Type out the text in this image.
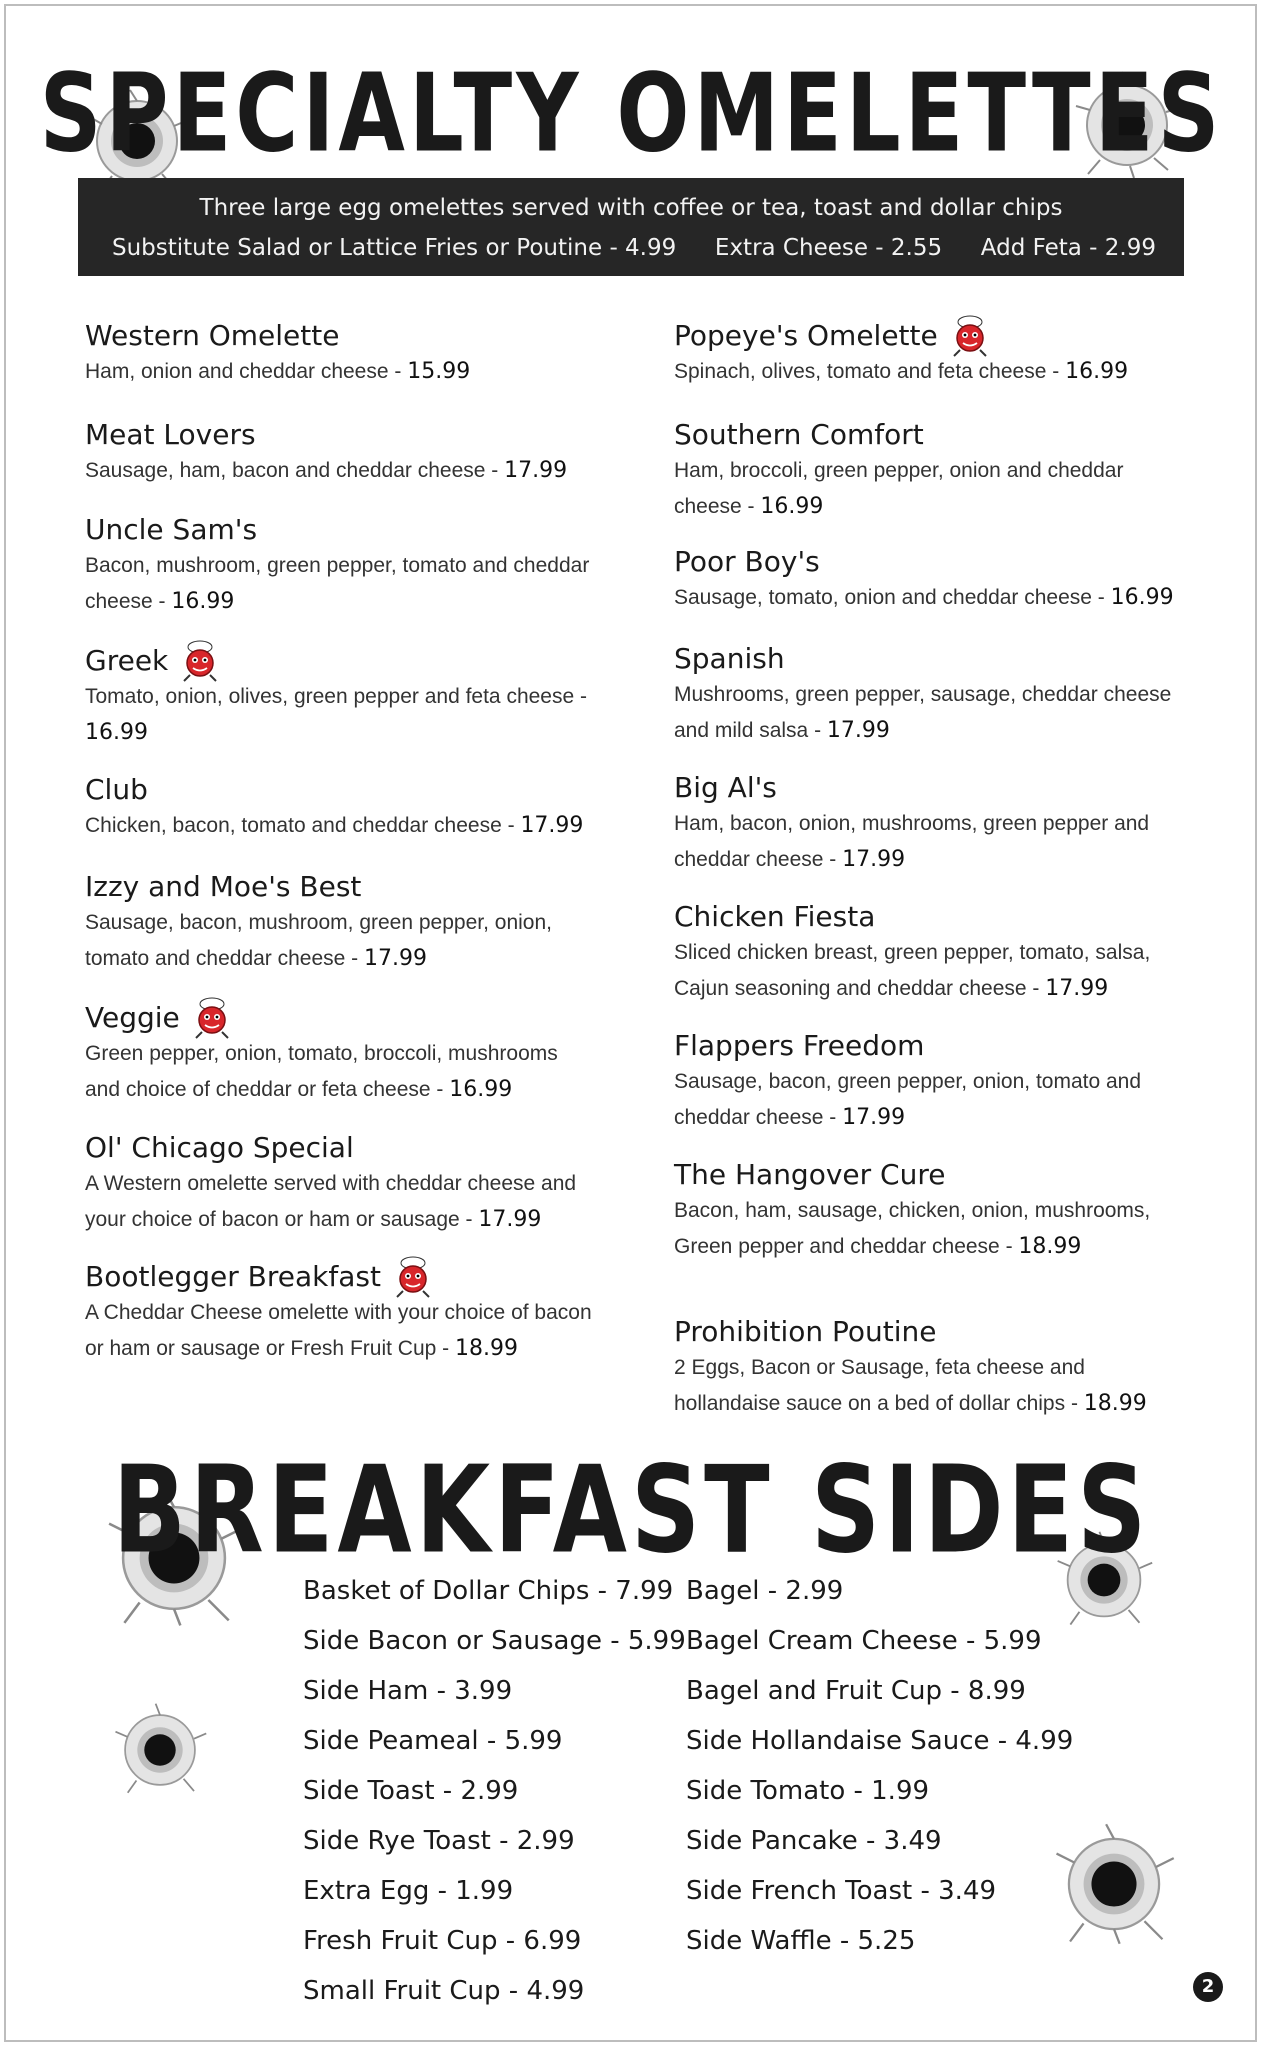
SPECIALTY OMELETTES
Three large egg omelettes served with coffee or tea, toast and dollar chips
Substitute Salad or Lattice Fries or Poutine - 4.99 Extra Cheese - 2.55 Add Feta - 2.99
Western Omelette
Ham, onion and cheddar cheese - 15.99
Meat Lovers
Sausage, ham, bacon and cheddar cheese - 17.99
Uncle Sam's
Bacon, mushroom, green pepper, tomato and cheddar cheese - 16.99
Greek
Tomato, onion, olives, green pepper and feta cheese - 16.99
Club
Chicken, bacon, tomato and cheddar cheese - 17.99
Izzy and Moe's Best
Sausage, bacon, mushroom, green pepper, onion, tomato and cheddar cheese - 17.99
Veggie
Green pepper, onion, tomato, broccoli, mushrooms and choice of cheddar or feta cheese - 16.99
Ol' Chicago Special
A Western omelette served with cheddar cheese and your choice of bacon or ham or sausage - 17.99
Bootlegger Breakfast
A Cheddar Cheese omelette with your choice of bacon or ham or sausage or Fresh Fruit Cup - 18.99
Popeye's Omelette
Spinach, olives, tomato and feta cheese - 16.99
Southern Comfort
Ham, broccoli, green pepper, onion and cheddar cheese - 16.99
Poor Boy's
Sausage, tomato, onion and cheddar cheese - 16.99
Spanish
Mushrooms, green pepper, sausage, cheddar cheese and mild salsa - 17.99
Big Al's
Ham, bacon, onion, mushrooms, green pepper and cheddar cheese - 17.99
Chicken Fiesta
Sliced chicken breast, green pepper, tomato, salsa, Cajun seasoning and cheddar cheese - 17.99
Flappers Freedom
Sausage, bacon, green pepper, onion, tomato and cheddar cheese - 17.99
The Hangover Cure
Bacon, ham, sausage, chicken, onion, mushrooms, Green pepper and cheddar cheese - 18.99
Prohibition Poutine
2 Eggs, Bacon or Sausage, feta cheese and hollandaise sauce on a bed of dollar chips - 18.99
BREAKFAST SIDES
Basket of Dollar Chips - 7.99
Side Bacon or Sausage - 5.99
Side Ham - 3.99
Side Peameal - 5.99
Side Toast - 2.99
Side Rye Toast - 2.99
Extra Egg - 1.99
Fresh Fruit Cup - 6.99
Small Fruit Cup - 4.99
Bagel - 2.99
Bagel Cream Cheese - 5.99
Bagel and Fruit Cup - 8.99
Side Hollandaise Sauce - 4.99
Side Tomato - 1.99
Side Pancake - 3.49
Side French Toast - 3.49
Side Waffle - 5.25
2
